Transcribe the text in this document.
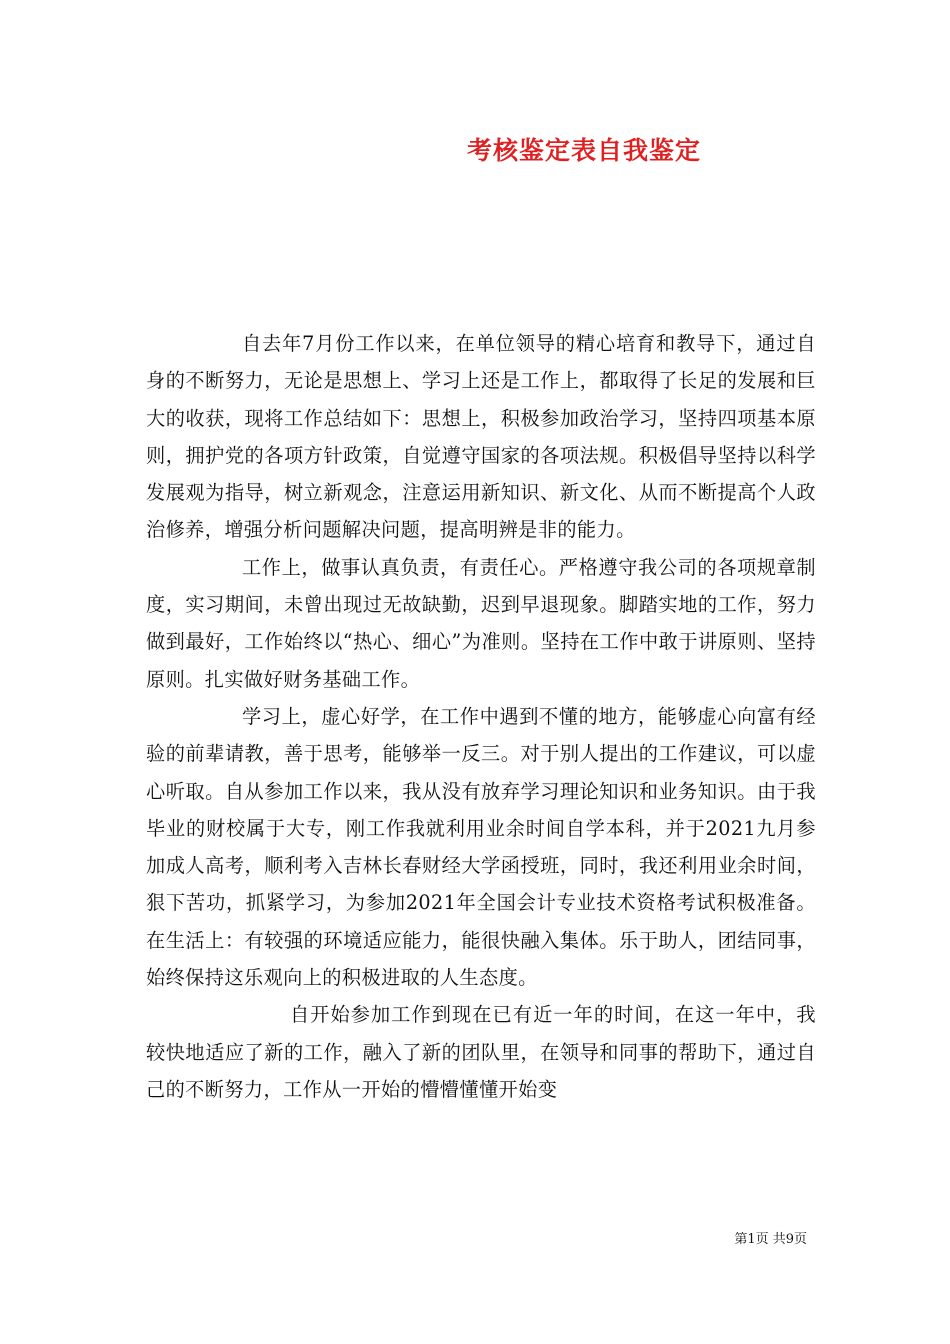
考核鉴定表自我鉴定

自去年7月份工作以来，在单位领导的精心培育和教导下，通过自身的不断努力，无论是思想上、学习上还是工作上，都取得了长足的发展和巨大的收获，现将工作总结如下：思想上，积极参加政治学习，坚持四项基本原则，拥护党的各项方针政策，自觉遵守国家的各项法规。积极倡导坚持以科学发展观为指导，树立新观念，注意运用新知识、新文化、从而不断提高个人政治修养，增强分析问题解决问题，提高明辨是非的能力。

工作上，做事认真负责，有责任心。严格遵守我公司的各项规章制度，实习期间，未曾出现过无故缺勤，迟到早退现象。脚踏实地的工作，努力做到最好，工作始终以“热心、细心”为准则。坚持在工作中敢于讲原则、坚持原则。扎实做好财务基础工作。

学习上，虚心好学，在工作中遇到不懂的地方，能够虚心向富有经验的前辈请教，善于思考，能够举一反三。对于别人提出的工作建议，可以虚心听取。自从参加工作以来，我从没有放弃学习理论知识和业务知识。由于我毕业的财校属于大专，刚工作我就利用业余时间自学本科，并于2021九月参加成人高考，顺利考入吉林长春财经大学函授班，同时，我还利用业余时间，狠下苦功，抓紧学习，为参加2021年全国会计专业技术资格考试积极准备。在生活上：有较强的环境适应能力，能很快融入集体。乐于助人，团结同事，始终保持这乐观向上的积极进取的人生态度。

自开始参加工作到现在已有近一年的时间，在这一年中，我较快地适应了新的工作，融入了新的团队里，在领导和同事的帮助下，通过自己的不断努力，工作从一开始的懵懵懂懂开始变

第1页 共9页
